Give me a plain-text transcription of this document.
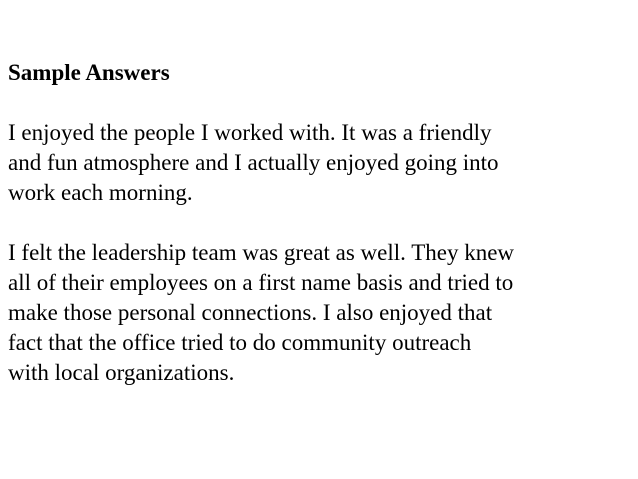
Sample Answers

I enjoyed the people I worked with. It was a friendly
and fun atmosphere and I actually enjoyed going into
work each morning.

I felt the leadership team was great as well. They knew
all of their employees on a first name basis and tried to
make those personal connections. I also enjoyed that
fact that the office tried to do community outreach
with local organizations.
